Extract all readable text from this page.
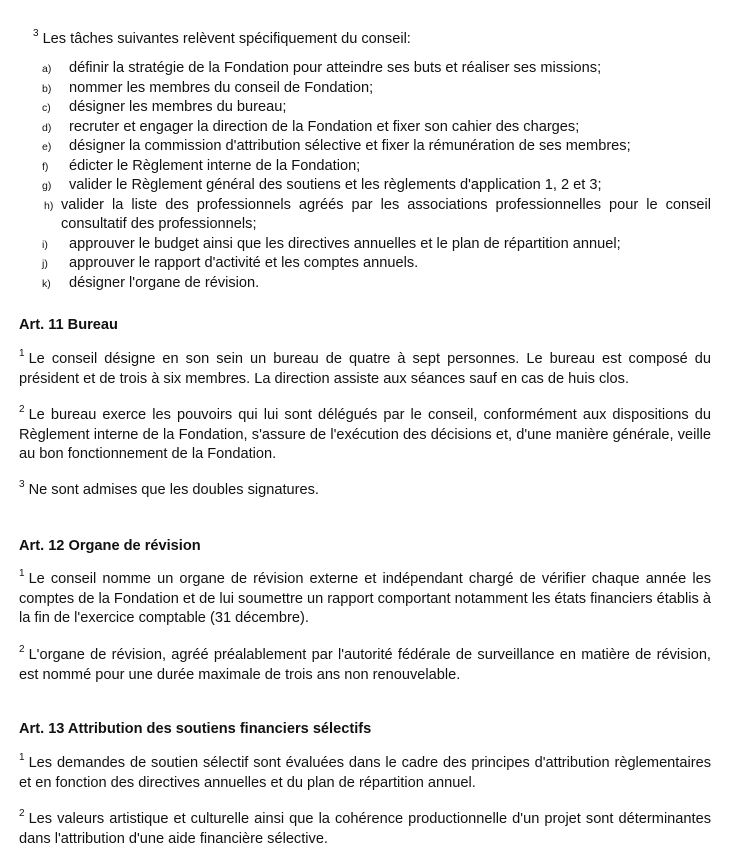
$^3$ Les tâches suivantes relèvent spécifiquement du conseil:

a) définir la stratégie de la Fondation pour atteindre ses buts et réaliser ses missions;
b) nommer les membres du conseil de Fondation;
c) désigner les membres du bureau;
d) recruter et engager la direction de la Fondation et fixer son cahier des charges;
e) désigner la commission d'attribution sélective et fixer la rémunération de ses membres;
f) édicter le Règlement interne de la Fondation;
g) valider le Règlement général des soutiens et les règlements d'application 1, 2 et 3;
h) valider la liste des professionnels agréés par les associations professionnelles pour le conseil consultatif des professionnels;
i) approuver le budget ainsi que les directives annuelles et le plan de répartition annuel;
j) approuver le rapport d'activité et les comptes annuels.
k) désigner l'organe de révision.

Art. 11 Bureau

$^1$ Le conseil désigne en son sein un bureau de quatre à sept personnes. Le bureau est composé du président et de trois à six membres. La direction assiste aux séances sauf en cas de huis clos.

$^2$ Le bureau exerce les pouvoirs qui lui sont délégués par le conseil, conformément aux dispositions du Règlement interne de la Fondation, s'assure de l'exécution des décisions et, d'une manière générale, veille au bon fonctionnement de la Fondation.

$^3$ Ne sont admises que les doubles signatures.

Art. 12 Organe de révision

$^1$ Le conseil nomme un organe de révision externe et indépendant chargé de vérifier chaque année les comptes de la Fondation et de lui soumettre un rapport comportant notamment les états financiers établis à la fin de l'exercice comptable (31 décembre).

$^2$ L'organe de révision, agréé préalablement par l'autorité fédérale de surveillance en matière de révision, est nommé pour une durée maximale de trois ans non renouvelable.

Art. 13 Attribution des soutiens financiers sélectifs

$^1$ Les demandes de soutien sélectif sont évaluées dans le cadre des principes d'attribution règlementaires et en fonction des directives annuelles et du plan de répartition annuel.

$^2$ Les valeurs artistique et culturelle ainsi que la cohérence productionnelle d'un projet sont déterminantes dans l'attribution d'une aide financière sélective.
